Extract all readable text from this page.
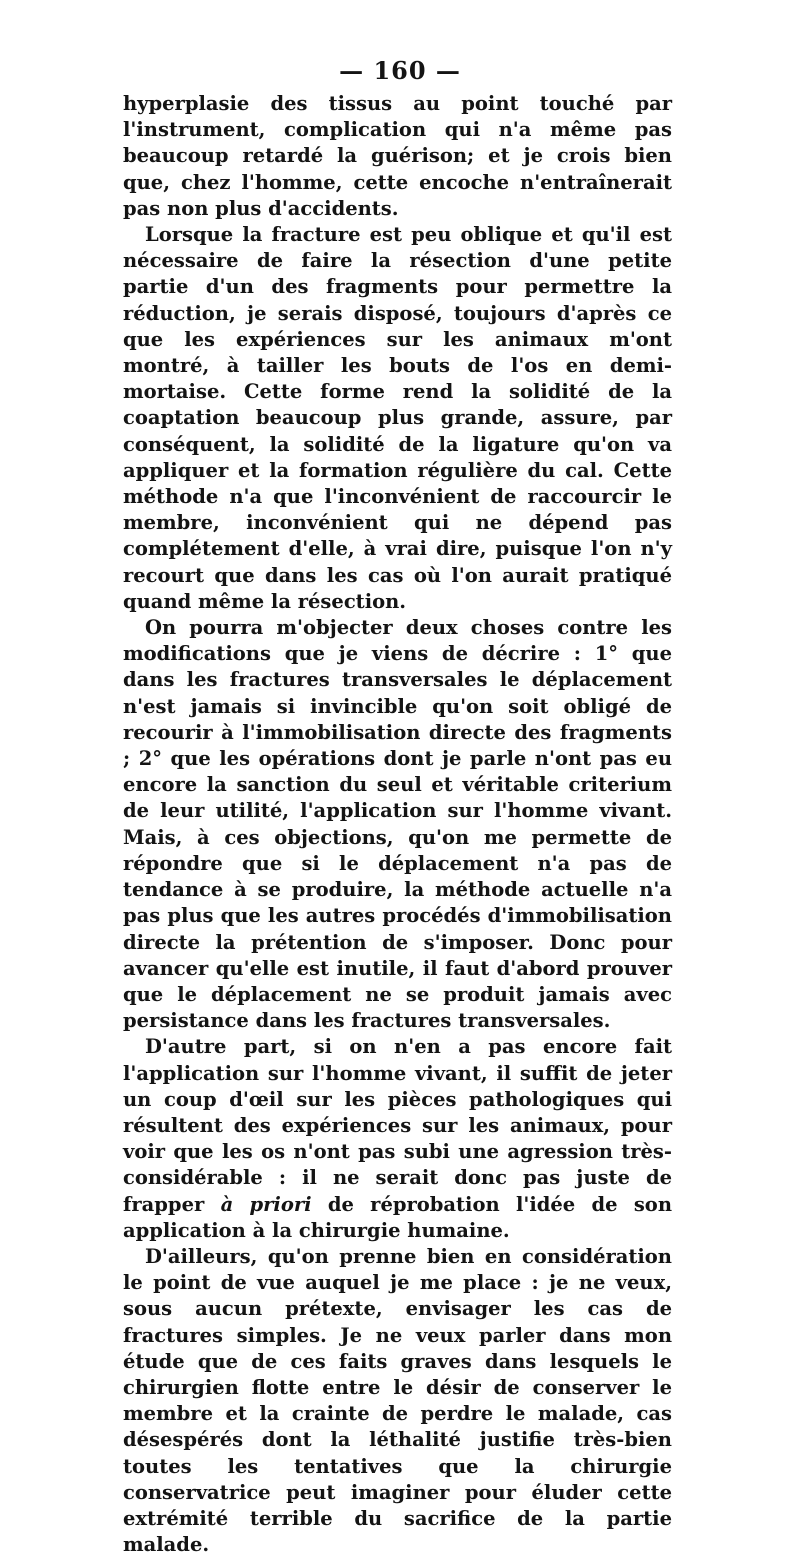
— 160 —

hyperplasie des tissus au point touché par l'instrument, complication qui n'a même pas beaucoup retardé la guérison; et je crois bien que, chez l'homme, cette encoche n'entraînerait pas non plus d'accidents.

Lorsque la fracture est peu oblique et qu'il est nécessaire de faire la résection d'une petite partie d'un des fragments pour permettre la réduction, je serais disposé, toujours d'après ce que les expériences sur les animaux m'ont montré, à tailler les bouts de l'os en demi-mortaise. Cette forme rend la solidité de la coaptation beaucoup plus grande, assure, par conséquent, la solidité de la ligature qu'on va appliquer et la formation régulière du cal. Cette méthode n'a que l'inconvénient de raccourcir le membre, inconvénient qui ne dépend pas complétement d'elle, à vrai dire, puisque l'on n'y recourt que dans les cas où l'on aurait pratiqué quand même la résection.

On pourra m'objecter deux choses contre les modifications que je viens de décrire : 1° que dans les fractures transversales le déplacement n'est jamais si invincible qu'on soit obligé de recourir à l'immobilisation directe des fragments ; 2° que les opérations dont je parle n'ont pas eu encore la sanction du seul et véritable criterium de leur utilité, l'application sur l'homme vivant. Mais, à ces objections, qu'on me permette de répondre que si le déplacement n'a pas de tendance à se produire, la méthode actuelle n'a pas plus que les autres procédés d'immobilisation directe la prétention de s'imposer. Donc pour avancer qu'elle est inutile, il faut d'abord prouver que le déplacement ne se produit jamais avec persistance dans les fractures transversales.

D'autre part, si on n'en a pas encore fait l'application sur l'homme vivant, il suffit de jeter un coup d'œil sur les pièces pathologiques qui résultent des expériences sur les animaux, pour voir que les os n'ont pas subi une agression très-considérable : il ne serait donc pas juste de frapper à priori de réprobation l'idée de son application à la chirurgie humaine.

D'ailleurs, qu'on prenne bien en considération le point de vue auquel je me place : je ne veux, sous aucun prétexte, envisager les cas de fractures simples. Je ne veux parler dans mon étude que de ces faits graves dans lesquels le chirurgien flotte entre le désir de conserver le membre et la crainte de perdre le malade, cas désespérés dont la léthalité justifie très-bien toutes les tentatives que la chirurgie conservatrice peut imaginer pour éluder cette extrémité terrible du sacrifice de la partie malade.
